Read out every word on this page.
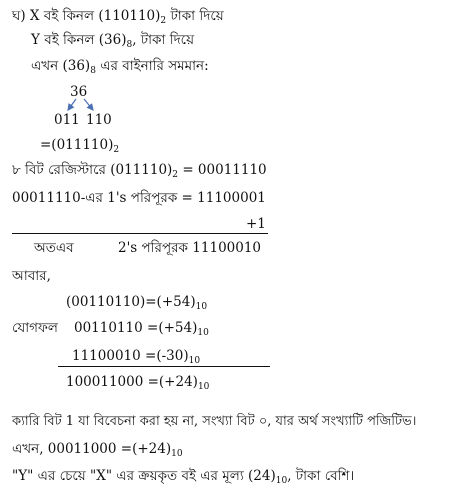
ঘ) X বই কিনল $(110110)_2$ টাকা দিয়ে
Y বই কিনল $(36)_8$, টাকা দিয়ে
এখন $(36)_8$ এর বাইনারি সমমান:
36
011 110
$=(011110)_2$
৮ বিট রেজিস্টারে $(011110)_2 = 00011110$
00011110-এর 1's পরিপূরক = 11100001
+1
অতএব	2's পরিপূরক 11100010
আবার,
$(00110110)=(+54)_{10}$
যোগফল $00110110 =(+54)_{10}$
$11100010 =(-30)_{10}$
$100011000 =(+24)_{10}$
ক্যারি বিট 1 যা বিবেচনা করা হয় না, সংখ্যা বিট ০, যার অর্থ সংখ্যাটি পজিটিভ।
এখন, $00011000 =(+24)_{10}$
"Y" এর চেয়ে "X" এর ক্রয়কৃত বই এর মূল্য $(24)_{10}$, টাকা বেশি।
